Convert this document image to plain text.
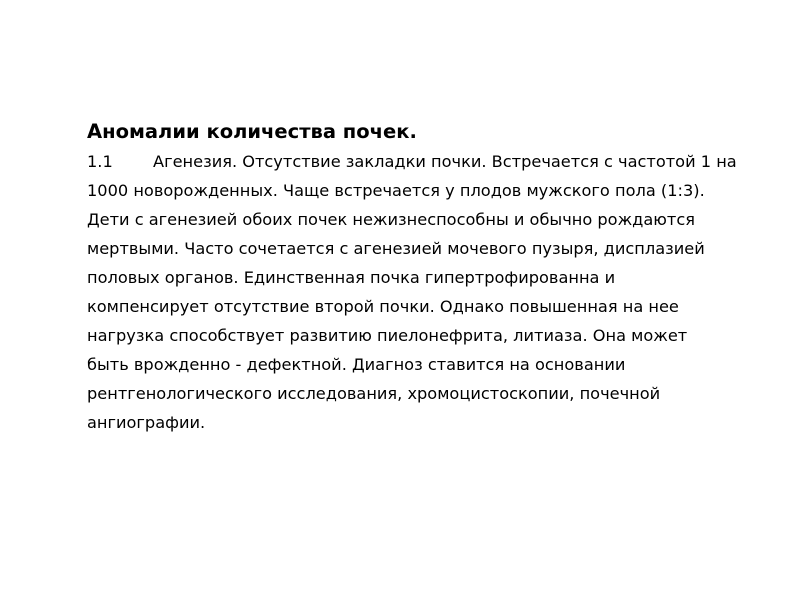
Аномалии количества почек.

1.1 Агенезия. Отсутствие закладки почки. Встречается с частотой 1 на
1000 новорожденных. Чаще встречается у плодов мужского пола (1:3).
Дети с агенезией обоих почек нежизнеспособны и обычно рождаются
мертвыми. Часто сочетается с агенезией мочевого пузыря, дисплазией
половых органов. Единственная почка гипертрофированна и
компенсирует отсутствие второй почки. Однако повышенная на нее
нагрузка способствует развитию пиелонефрита, литиаза. Она может
быть врожденно - дефектной. Диагноз ставится на основании
рентгенологического исследования, хромоцистоскопии, почечной
ангиографии.
